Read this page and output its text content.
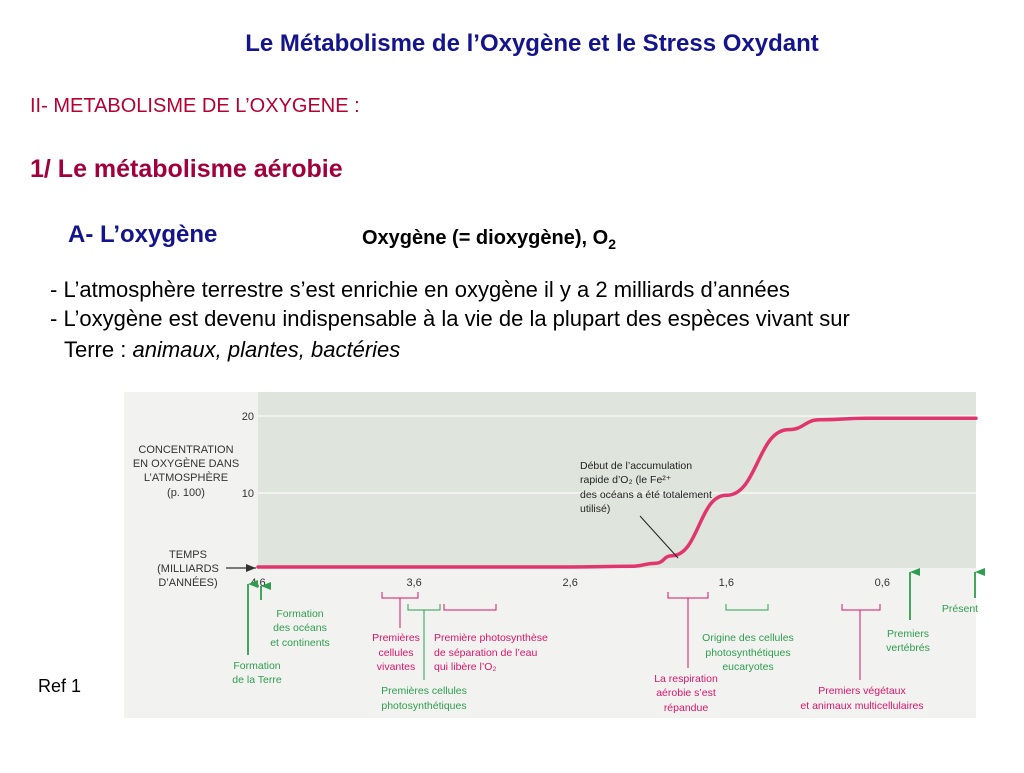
Le Métabolisme de l’Oxygène et le Stress Oxydant
II- METABOLISME DE L’OXYGENE :
1/ Le métabolisme aérobie
A- L’oxygène	Oxygène (= dioxygène), $O_2$
- L’atmosphère terrestre s’est enrichie en oxygène il y a 2 milliards d’années
- L’oxygène est devenu indispensable à la vie de la plupart des espèces vivant sur
Terre : animaux, plantes, bactéries
Ref 1
CONCENTRATION
EN OXYGÈNE DANS
L’ATMOSPHÈRE
(p. 100)
20
10
TEMPS
(MILLIARDS
D’ANNÉES)	4,6	3,6	2,6	1,6	0,6
Début de l’accumulation
rapide d’O₂ (le Fe²⁺
des océans a été totalement
utilisé)
Formation
de la Terre
Formation
des océans
et continents	Premières
cellules
vivantes
Premières cellules
photosynthétiques
Première photosynthèse
de séparation de l’eau
qui libère l’O₂
La respiration
aérobie s’est
répandue
Origine des cellules
photosynthétiques
eucaryotes
Premiers végétaux
et animaux multicellulaires
Premiers
vertébrés
Présent
